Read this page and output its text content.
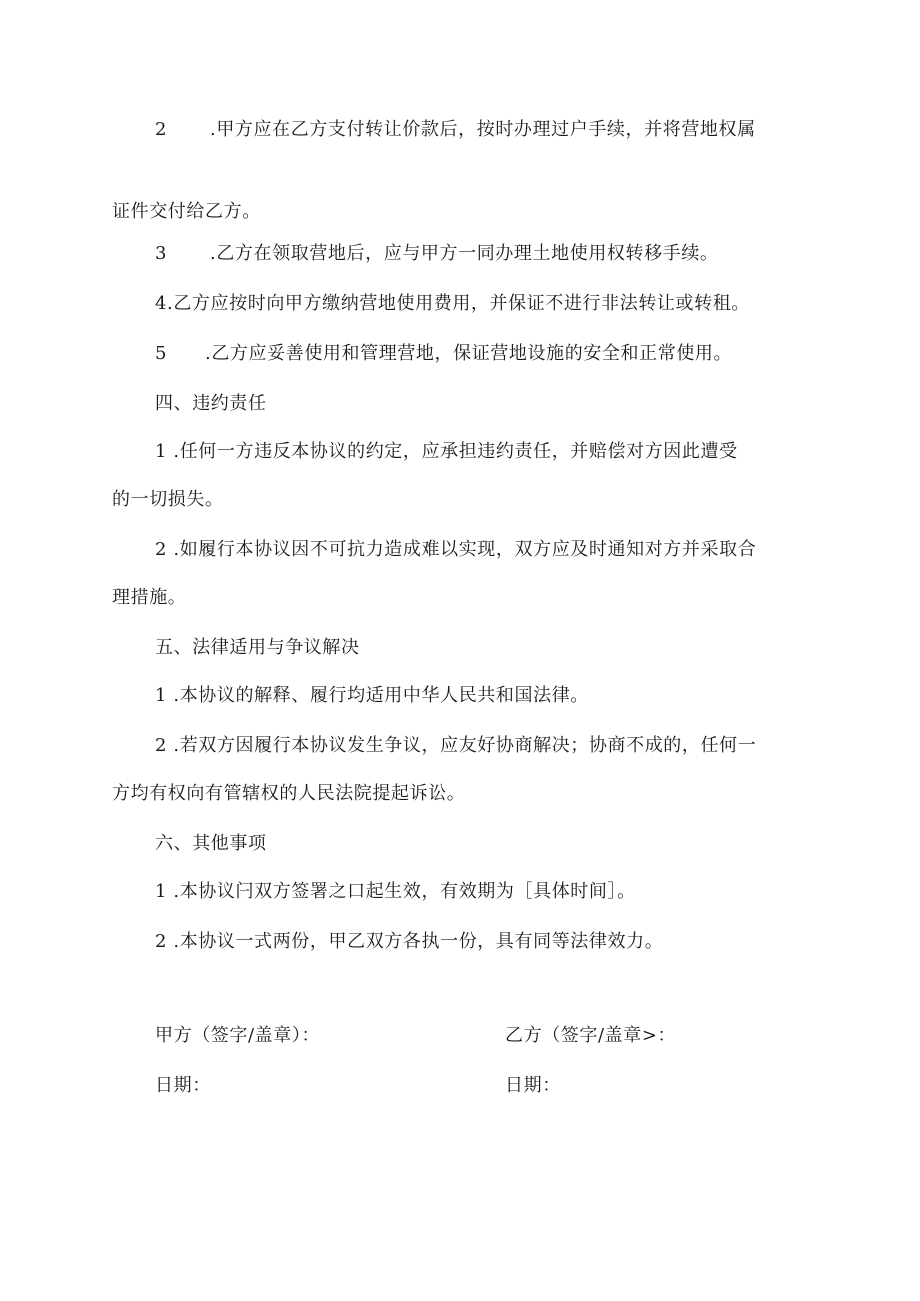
2 .甲方应在乙方支付转让价款后，按时办理过户手续，并将营地权属
证件交付给乙方。
3 .乙方在领取营地后，应与甲方一同办理土地使用权转移手续。
4.乙方应按时向甲方缴纳营地使用费用，并保证不进行非法转让或转租。
5 .乙方应妥善使用和管理营地，保证营地设施的安全和正常使用。
四、违约责任
1 .任何一方违反本协议的约定，应承担违约责任，并赔偿对方因此遭受
的一切损失。
2 .如履行本协议因不可抗力造成难以实现，双方应及时通知对方并采取合
理措施。
五、法律适用与争议解决
1 .本协议的解释、履行均适用中华人民共和国法律。
2 .若双方因履行本协议发生争议，应友好协商解决；协商不成的，任何一
方均有权向有管辖权的人民法院提起诉讼。
六、其他事项
1 .本协议闩双方签署之口起生效，有效期为［具体时间］。
2 .本协议一式两份，甲乙双方各执一份，具有同等法律效力。
甲方（签字/盖章）：	乙方（签字/盖章>：
日期：	日期：
